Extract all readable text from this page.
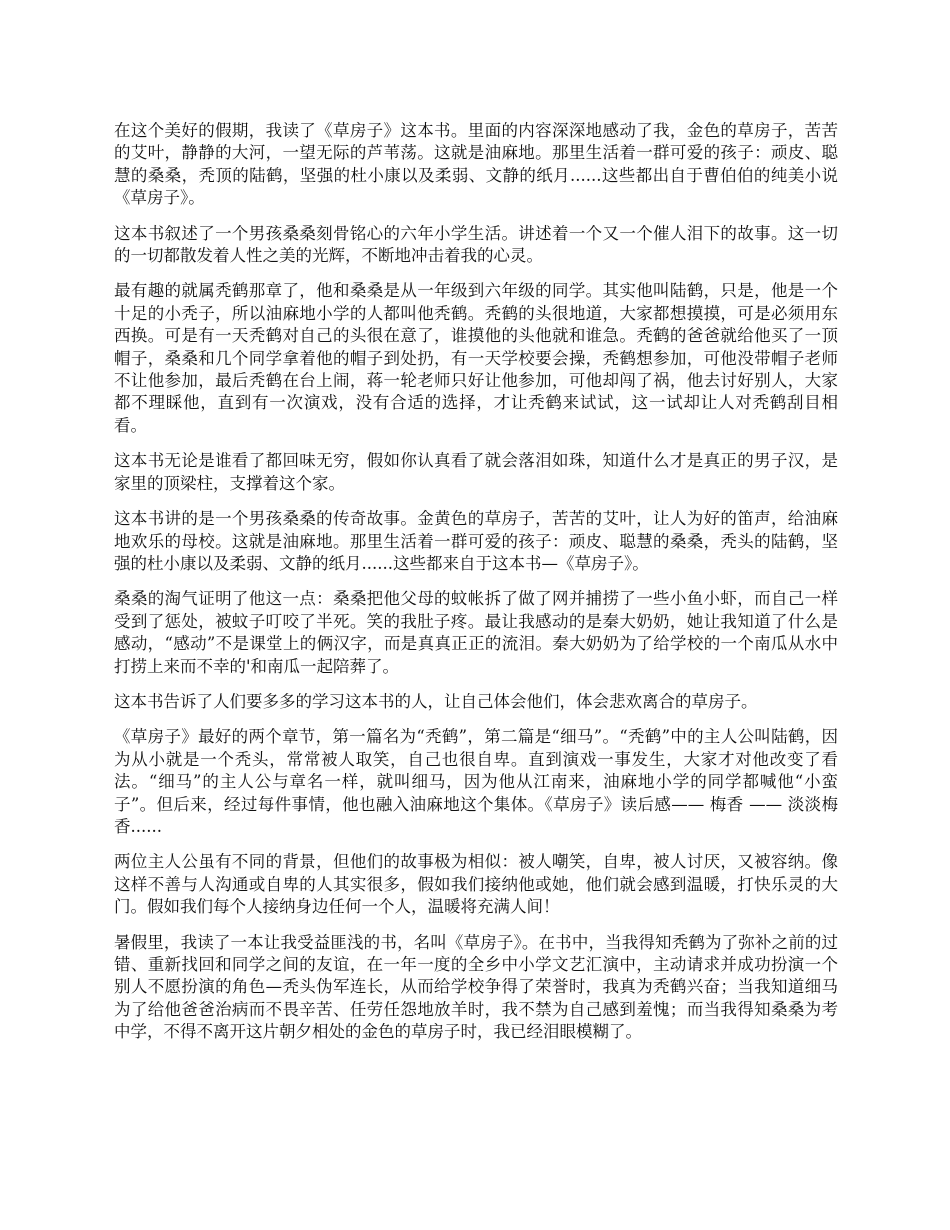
在这个美好的假期，我读了《草房子》这本书。里面的内容深深地感动了我，金色的草房子，苦苦的艾叶，静静的大河，一望无际的芦苇荡。这就是油麻地。那里生活着一群可爱的孩子：顽皮、聪慧的桑桑，秃顶的陆鹤，坚强的杜小康以及柔弱、文静的纸月......这些都出自于曹伯伯的纯美小说《草房子》。

这本书叙述了一个男孩桑桑刻骨铭心的六年小学生活。讲述着一个又一个催人泪下的故事。这一切的一切都散发着人性之美的光辉，不断地冲击着我的心灵。

最有趣的就属秃鹤那章了，他和桑桑是从一年级到六年级的同学。其实他叫陆鹤，只是，他是一个十足的小秃子，所以油麻地小学的人都叫他秃鹤。秃鹤的头很地道，大家都想摸摸，可是必须用东西换。可是有一天秃鹤对自己的头很在意了，谁摸他的头他就和谁急。秃鹤的爸爸就给他买了一顶帽子，桑桑和几个同学拿着他的帽子到处扔，有一天学校要会操，秃鹤想参加，可他没带帽子老师不让他参加，最后秃鹤在台上闹，蒋一轮老师只好让他参加，可他却闯了祸，他去讨好别人，大家都不理睬他，直到有一次演戏，没有合适的选择，才让秃鹤来试试，这一试却让人对秃鹤刮目相看。

这本书无论是谁看了都回味无穷，假如你认真看了就会落泪如珠，知道什么才是真正的男子汉，是家里的顶梁柱，支撑着这个家。

这本书讲的是一个男孩桑桑的传奇故事。金黄色的草房子，苦苦的艾叶，让人为好的笛声，给油麻地欢乐的母校。这就是油麻地。那里生活着一群可爱的孩子：顽皮、聪慧的桑桑，秃头的陆鹤，坚强的杜小康以及柔弱、文静的纸月......这些都来自于这本书—《草房子》。

桑桑的淘气证明了他这一点：桑桑把他父母的蚊帐拆了做了网并捕捞了一些小鱼小虾，而自己一样受到了惩处，被蚊子叮咬了半死。笑的我肚子疼。最让我感动的是秦大奶奶，她让我知道了什么是感动，“感动”不是课堂上的俩汉字，而是真真正正的流泪。秦大奶奶为了给学校的一个南瓜从水中打捞上来而不幸的'和南瓜一起陪葬了。

这本书告诉了人们要多多的学习这本书的人，让自己体会他们，体会悲欢离合的草房子。

《草房子》最好的两个章节，第一篇名为“秃鹤”，第二篇是“细马”。“秃鹤”中的主人公叫陆鹤，因为从小就是一个秃头，常常被人取笑，自己也很自卑。直到演戏一事发生，大家才对他改变了看法。“细马”的主人公与章名一样，就叫细马，因为他从江南来，油麻地小学的同学都喊他“小蛮子”。但后来，经过每件事情，他也融入油麻地这个集体。《草房子》读后感—— 梅香 —— 淡淡梅香......

两位主人公虽有不同的背景，但他们的故事极为相似：被人嘲笑，自卑，被人讨厌，又被容纳。像这样不善与人沟通或自卑的人其实很多，假如我们接纳他或她，他们就会感到温暖，打快乐灵的大门。假如我们每个人接纳身边任何一个人，温暖将充满人间！

暑假里，我读了一本让我受益匪浅的书，名叫《草房子》。在书中，当我得知秃鹤为了弥补之前的过错、重新找回和同学之间的友谊，在一年一度的全乡中小学文艺汇演中，主动请求并成功扮演一个别人不愿扮演的角色—秃头伪军连长，从而给学校争得了荣誉时，我真为秃鹤兴奋；当我知道细马为了给他爸爸治病而不畏辛苦、任劳任怨地放羊时，我不禁为自己感到羞愧；而当我得知桑桑为考中学，不得不离开这片朝夕相处的金色的草房子时，我已经泪眼模糊了。
